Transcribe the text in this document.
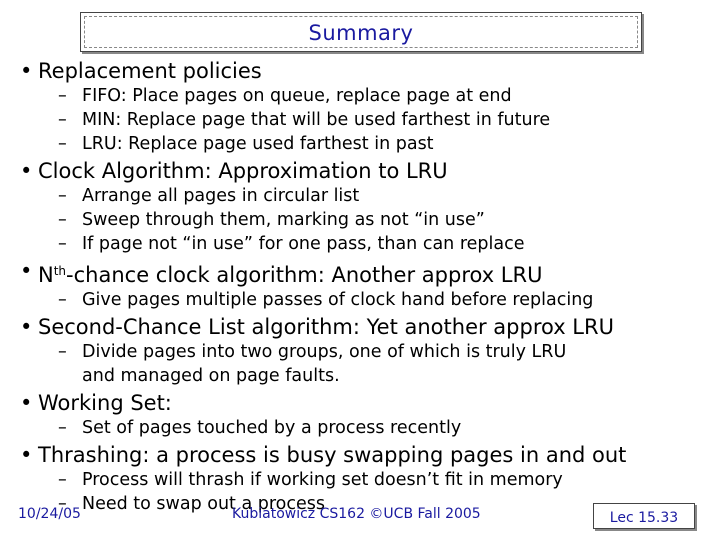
Summary
• Replacement policies
– FIFO: Place pages on queue, replace page at end
– MIN: Replace page that will be used farthest in future
– LRU: Replace page used farthest in past
• Clock Algorithm: Approximation to LRU
– Arrange all pages in circular list
– Sweep through them, marking as not “in use”
– If page not “in use” for one pass, than can replace
• $N^{th}$-chance clock algorithm: Another approx LRU
– Give pages multiple passes of clock hand before replacing
• Second-Chance List algorithm: Yet another approx LRU
– Divide pages into two groups, one of which is truly LRU
and managed on page faults.
• Working Set:
– Set of pages touched by a process recently
• Thrashing: a process is busy swapping pages in and out
– Process will thrash if working set doesn’t fit in memory
– Need to swap out a process
10/24/05	Kubiatowicz CS162 ©UCB Fall 2005	Lec 15.33
